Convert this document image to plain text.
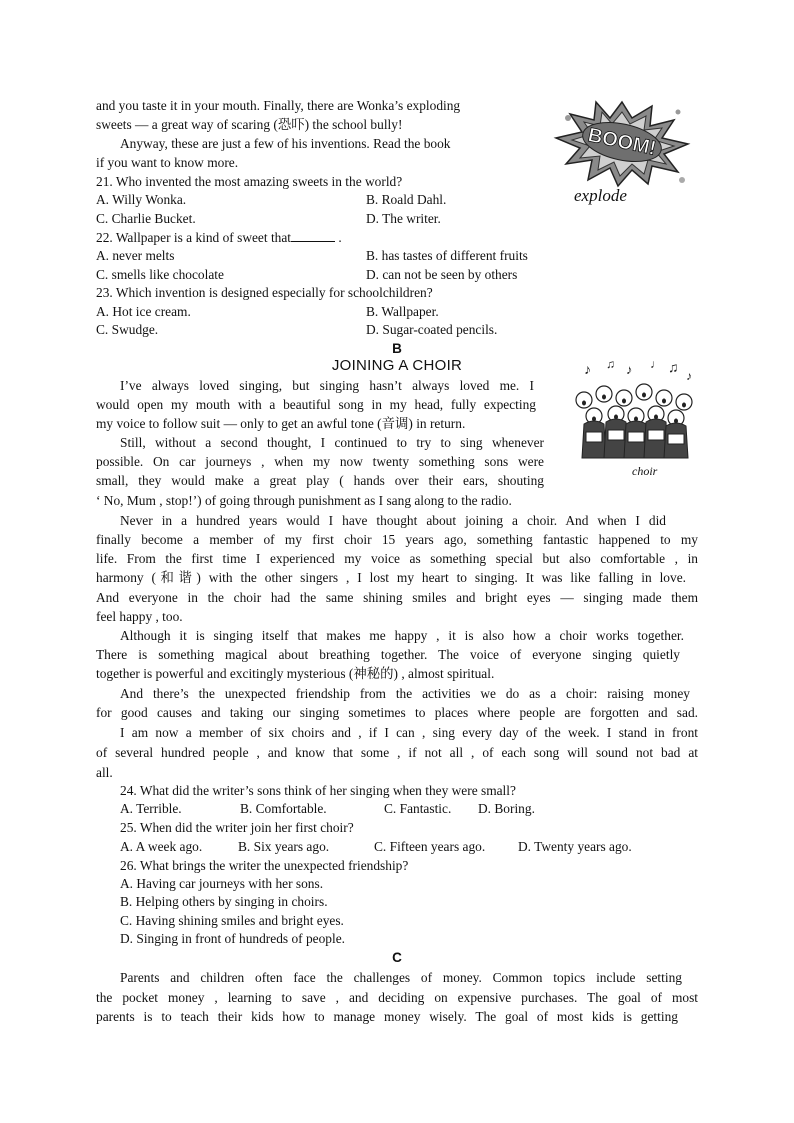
and you taste it in your mouth. Finally, there are Wonka’s exploding
sweets — a great way of scaring (恐吓) the school bully!
Anyway, these are just a few of his inventions. Read the book
if you want to know more.
BOOM!
explode
21. Who invented the most amazing sweets in the world?
A. Willy Wonka.	B. Roald Dahl.
C. Charlie Bucket.	D. The writer.
22. Wallpaper is a kind of sweet that	.
A. never melts	B. has tastes of different fruits
C. smells like chocolate	D. can not be seen by others
23. Which invention is designed especially for schoolchildren?
A. Hot ice cream.	B. Wallpaper.
C. Swudge.	D. Sugar-coated pencils.
B
JOINING A CHOIR	♪ ♫ ♪ ♩ ♫ ♪
choir
I’ve always loved singing, but singing hasn’t always loved me. I
would open my mouth with a beautiful song in my head, fully expecting
my voice to follow suit — only to get an awful tone (音调) in return.
Still, without a second thought, I continued to try to sing whenever
possible. On car journeys , when my now twenty something sons were
small, they would make a great play ( hands over their ears, shouting
‘ No, Mum , stop!’) of going through punishment as I sang along to the radio.
Never in a hundred years would I have thought about joining a choir. And when I did
finally become a member of my first choir 15 years ago, something fantastic happened to my
life. From the first time I experienced my voice as something special but also comfortable , in
harmony (和谐) with the other singers , I lost my heart to singing. It was like falling in love.
And everyone in the choir had the same shining smiles and bright eyes — singing made them
feel happy , too.
Although it is singing itself that makes me happy , it is also how a choir works together.
There is something magical about breathing together. The voice of everyone singing quietly
together is powerful and excitingly mysterious (神秘的) , almost spiritual.
And there’s the unexpected friendship from the activities we do as a choir: raising money
for good causes and taking our singing sometimes to places where people are forgotten and sad.
I am now a member of six choirs and , if I can , sing every day of the week. I stand in front
of several hundred people , and know that some , if not all , of each song will sound not bad at
all.
24. What did the writer’s sons think of her singing when they were small?
A. Terrible.	B. Comfortable.	C. Fantastic. D. Boring.
25. When did the writer join her first choir?
A. A week ago.	B. Six years ago.	C. Fifteen years ago. D. Twenty years ago.
26. What brings the writer the unexpected friendship?
A. Having car journeys with her sons.
B. Helping others by singing in choirs.
C. Having shining smiles and bright eyes.
D. Singing in front of hundreds of people.
C
Parents and children often face the challenges of money. Common topics include setting
the pocket money , learning to save , and deciding on expensive purchases. The goal of most
parents is to teach their kids how to manage money wisely. The goal of most kids is getting
